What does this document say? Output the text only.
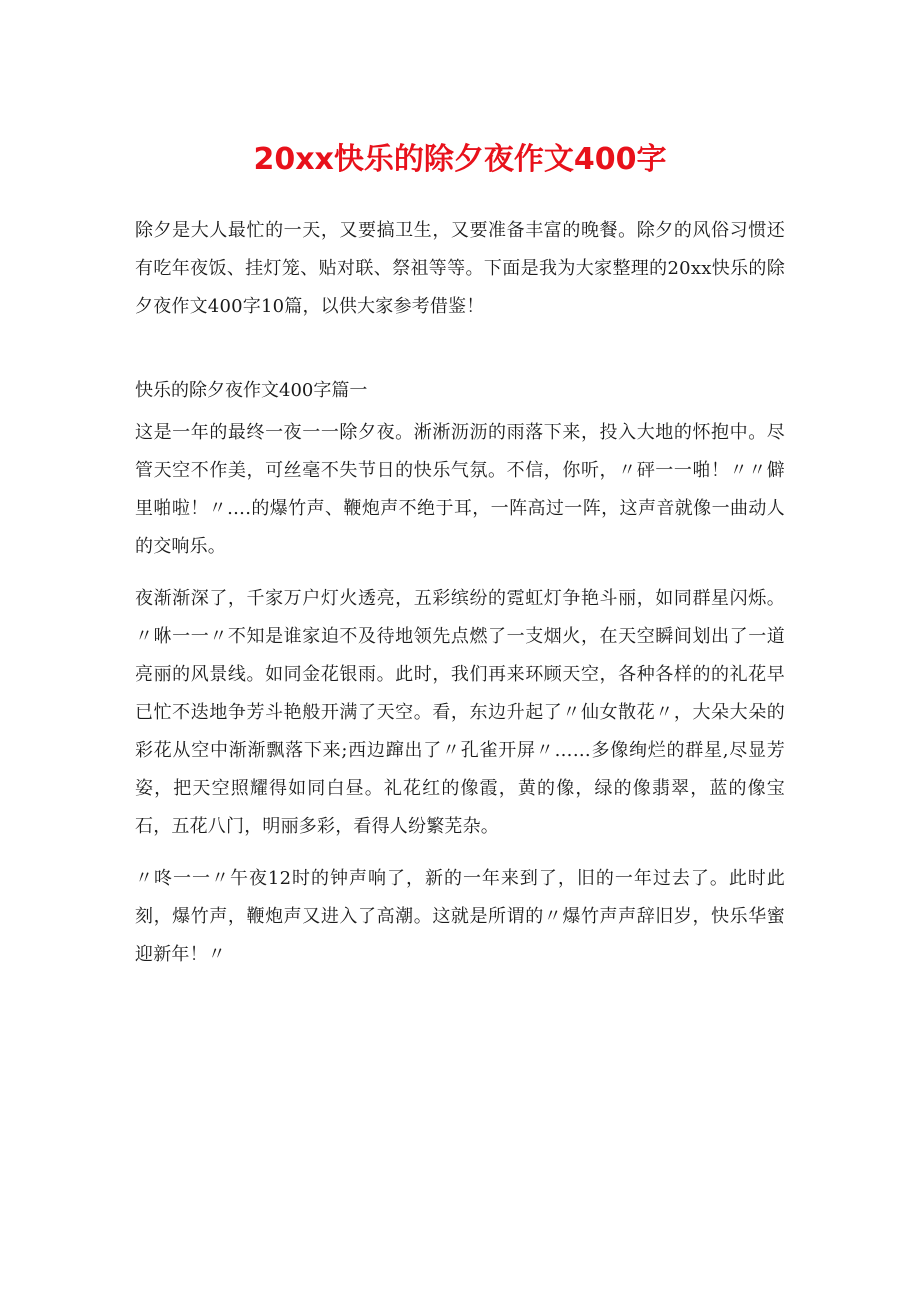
20xx快乐的除夕夜作文400字

除夕是大人最忙的一天，又要搞卫生，又要准备丰富的晚餐。除夕的风俗习惯还有吃年夜饭、挂灯笼、贴对联、祭祖等等。下面是我为大家整理的20xx快乐的除夕夜作文400字10篇，以供大家参考借鉴！

快乐的除夕夜作文400字篇一

这是一年的最终一夜一一除夕夜。淅淅沥沥的雨落下来，投入大地的怀抱中。尽管天空不作美，可丝毫不失节日的快乐气氛。不信，你听，〃砰一一啪！〃〃僻里啪啦！〃….的爆竹声、鞭炮声不绝于耳，一阵高过一阵，这声音就像一曲动人的交响乐。

夜渐渐深了，千家万户灯火透亮，五彩缤纷的霓虹灯争艳斗丽，如同群星闪烁。〃咻一一〃不知是谁家迫不及待地领先点燃了一支烟火，在天空瞬间划出了一道亮丽的风景线。如同金花银雨。此时，我们再来环顾天空，各种各样的的礼花早已忙不迭地争芳斗艳般开满了天空。看，东边升起了〃仙女散花〃，大朵大朵的彩花从空中渐渐飘落下来;西边蹿出了〃孔雀开屏〃……多像绚烂的群星,尽显芳姿，把天空照耀得如同白昼。礼花红的像霞，黄的像，绿的像翡翠，蓝的像宝石，五花八门，明丽多彩，看得人纷繁芜杂。

〃咚一一〃午夜12时的钟声响了，新的一年来到了，旧的一年过去了。此时此刻，爆竹声，鞭炮声又进入了高潮。这就是所谓的〃爆竹声声辞旧岁，快乐华蜜迎新年！〃
